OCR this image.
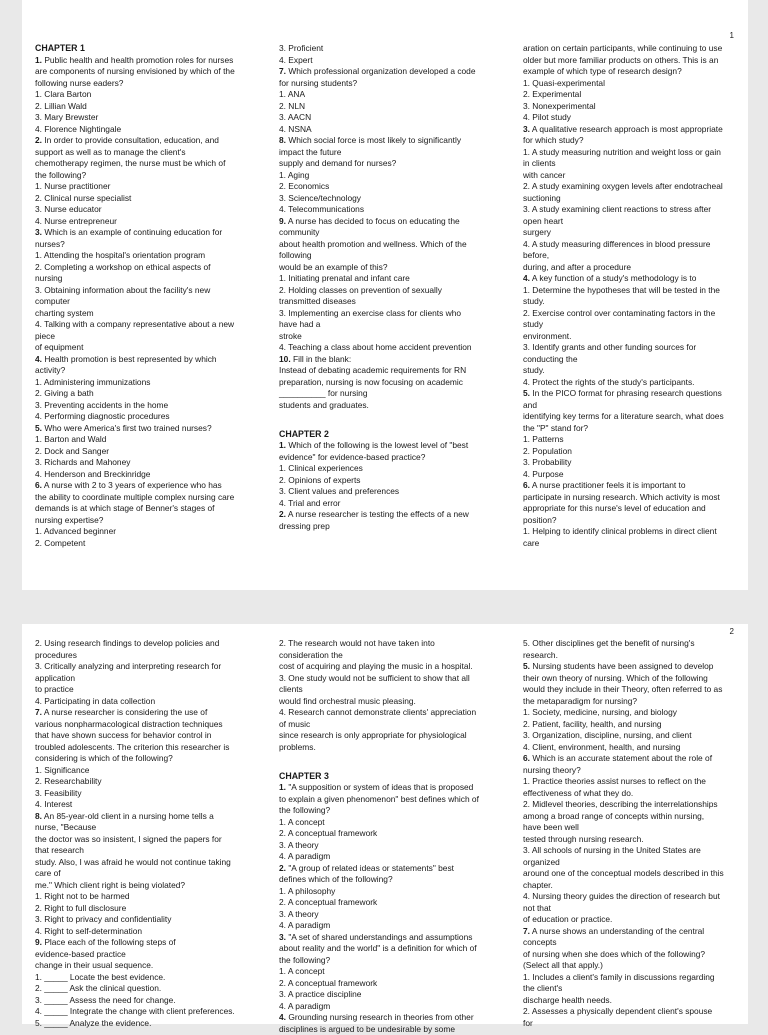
1
CHAPTER 1
1. Public health and health promotion roles for nurses
are components of nursing envisioned by which of the
following nurse eaders?
1. Clara Barton
2. Lillian Wald
3. Mary Brewster
4. Florence Nightingale
2. In order to provide consultation, education, and
support as well as to manage the client's
chemotherapy regimen, the nurse must be which of
the following?
1. Nurse practitioner
2. Clinical nurse specialist
3. Nurse educator
4. Nurse entrepreneur
3. Which is an example of continuing education for
nurses?
1. Attending the hospital's orientation program
2. Completing a workshop on ethical aspects of
nursing
3. Obtaining information about the facility's new
computer
charting system
4. Talking with a company representative about a new
piece
of equipment
4. Health promotion is best represented by which
activity?
1. Administering immunizations
2. Giving a bath
3. Preventing accidents in the home
4. Performing diagnostic procedures
5. Who were America's first two trained nurses?
1. Barton and Wald
2. Dock and Sanger
3. Richards and Mahoney
4. Henderson and Breckinridge
6. A nurse with 2 to 3 years of experience who has
the ability to coordinate multiple complex nursing care
demands is at which stage of Benner's stages of
nursing expertise?
1. Advanced beginner
2. Competent
3. Proficient
4. Expert
7. Which professional organization developed a code
for nursing students?
1. ANA
2. NLN
3. AACN
4. NSNA
8. Which social force is most likely to significantly
impact the future
supply and demand for nurses?
1. Aging
2. Economics
3. Science/technology
4. Telecommunications
9. A nurse has decided to focus on educating the
community
about health promotion and wellness. Which of the
following
would be an example of this?
1. Initiating prenatal and infant care
2. Holding classes on prevention of sexually
transmitted diseases
3. Implementing an exercise class for clients who
have had a
stroke
4. Teaching a class about home accident prevention
10. Fill in the blank:
Instead of debating academic requirements for RN
preparation, nursing is now focusing on academic
__________ for nursing
students and graduates.
CHAPTER 2
1. Which of the following is the lowest level of "best
evidence" for evidence-based practice?
1. Clinical experiences
2. Opinions of experts
3. Client values and preferences
4. Trial and error
2. A nurse researcher is testing the effects of a new
dressing prep
aration on certain participants, while continuing to use
older but more familiar products on others. This is an
example of which type of research design?
1. Quasi-experimental
2. Experimental
3. Nonexperimental
4. Pilot study
3. A qualitative research approach is most appropriate
for which study?
1. A study measuring nutrition and weight loss or gain
in clients
with cancer
2. A study examining oxygen levels after endotracheal
suctioning
3. A study examining client reactions to stress after
open heart
surgery
4. A study measuring differences in blood pressure
before,
during, and after a procedure
4. A key function of a study's methodology is to
1. Determine the hypotheses that will be tested in the
study.
2. Exercise control over contaminating factors in the
study
environment.
3. Identify grants and other funding sources for
conducting the
study.
4. Protect the rights of the study's participants.
5. In the PICO format for phrasing research questions
and
identifying key terms for a literature search, what does
the "P" stand for?
1. Patterns
2. Population
3. Probability
4. Purpose
6. A nurse practitioner feels it is important to
participate in nursing research. Which activity is most
appropriate for this nurse's level of education and
position?
1. Helping to identify clinical problems in direct client
care
2
2. Using research findings to develop policies and
procedures
3. Critically analyzing and interpreting research for
application
to practice
4. Participating in data collection
7. A nurse researcher is considering the use of
various nonpharmacological distraction techniques
that have shown success for behavior control in
troubled adolescents. The criterion this researcher is
considering is which of the following?
1. Significance
2. Researchability
3. Feasibility
4. Interest
8. An 85-year-old client in a nursing home tells a
nurse, "Because
the doctor was so insistent, I signed the papers for
that research
study. Also, I was afraid he would not continue taking
care of
me." Which client right is being violated?
1. Right not to be harmed
2. Right to full disclosure
3. Right to privacy and confidentiality
4. Right to self-determination
9. Place each of the following steps of
evidence-based practice
change in their usual sequence.
1. _____ Locate the best evidence.
2. _____ Ask the clinical question.
3. _____ Assess the need for change.
4. _____ Integrate the change with client preferences.
5. _____ Analyze the evidence.
2. The research would not have taken into
consideration the
cost of acquiring and playing the music in a hospital.
3. One study would not be sufficient to show that all
clients
would find orchestral music pleasing.
4. Research cannot demonstrate clients' appreciation
of music
since research is only appropriate for physiological
problems.
CHAPTER 3
1. "A supposition or system of ideas that is proposed
to explain a given phenomenon" best defines which of
the following?
1. A concept
2. A conceptual framework
3. A theory
4. A paradigm
2. "A group of related ideas or statements" best
defines which of the following?
1. A philosophy
2. A conceptual framework
3. A theory
4. A paradigm
3. "A set of shared understandings and assumptions
about reality and the world" is a definition for which of
the following?
1. A concept
2. A conceptual framework
3. A practice discipline
4. A paradigm
4. Grounding nursing research in theories from other
disciplines is argued to be undesirable by some
5. Other disciplines get the benefit of nursing's
research.
5. Nursing students have been assigned to develop
their own theory of nursing. Which of the following
would they include in their Theory, often referred to as
the metaparadigm for nursing?
1. Society, medicine, nursing, and biology
2. Patient, facility, health, and nursing
3. Organization, discipline, nursing, and client
4. Client, environment, health, and nursing
6. Which is an accurate statement about the role of
nursing theory?
1. Practice theories assist nurses to reflect on the
effectiveness of what they do.
2. Midlevel theories, describing the interrelationships
among a broad range of concepts within nursing,
have been well
tested through nursing research.
3. All schools of nursing in the United States are
organized
around one of the conceptual models described in this
chapter.
4. Nursing theory guides the direction of research but
not that
of education or practice.
7. A nurse shows an understanding of the central
concepts
of nursing when she does which of the following?
(Select all that apply.)
1. Includes a client's family in discussions regarding
the client's
discharge health needs.
2. Assesses a physically dependent client's spouse
for
